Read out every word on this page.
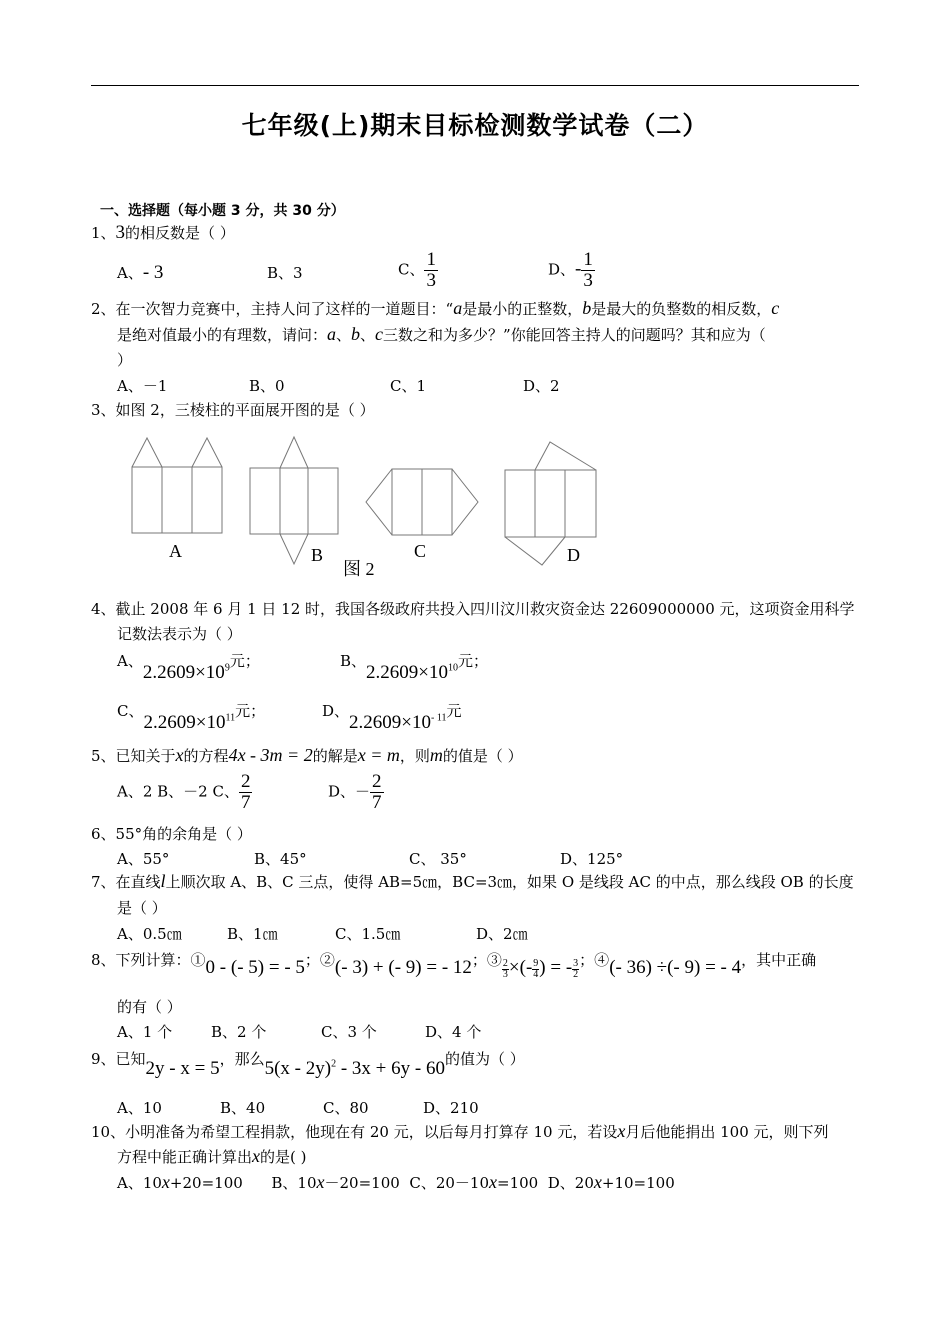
七年级(上)期末目标检测数学试卷（二）
一、选择题（每小题 3 分，共 30 分）
1、3的相反数是（ ）
A、- 3	B、3	C、 $\frac{1}{3}$	D、- $\frac{1}{3}$
2、在一次智力竞赛中，主持人问了这样的一道题目：“a是最小的正整数，b是最大的负整数的相反数，c
是绝对值最小的有理数，请问：a、b、c三数之和为多少？”你能回答主持人的问题吗？其和应为（
）
A、－1	B、0	C、1	D、2
3、如图 2，三棱柱的平面展开图的是（ ）
A	B	C	D
图 2
4、截止 2008 年 6 月 1 日 12 时，我国各级政府共投入四川汶川救灾资金达 22609000000 元，这项资金用科学
记数法表示为（ ）
A、$2.2609\times 10^9$元；	B、$2.2609\times 10^{10}$元；
C、$2.2609\times 10^{11}$元；	D、$2.2609\times 10^{- 11}$元
5、已知关于x的方程4x - 3m = 2的解是x = m，则m的值是（ ）
A、2 B、－2 C、 $\frac{2}{7}$	D、－ $\frac{2}{7}$
6、55°角的余角是（ ）
A、55°	B、45°	C、 35°	D、125°
7、在直线l上顺次取 A、B、C 三点，使得 AB=5㎝，BC=3㎝，如果 O 是线段 AC 的中点，那么线段 OB 的长度
是（ ）
A、0.5㎝	B、1㎝	C、1.5㎝	D、2㎝
8、下列计算：①0 - (- 5) = - 5；②(- 3) + (- 9) = - 12；③ $\frac{2}{3}$ ×(- $\frac{9}{4}$ ) = - $\frac{3}{2}$ ；④(- 36) ÷(- 9) = - 4，其中正确
的有（ ）
A、1 个	B、2 个	C、3 个	D、4 个
9、已知2y - x = 5，那么5(x - 2y)$^2$ - 3x + 6y - 60的值为（ ）
A、10	B、40	C、80	D、210
10、小明准备为希望工程捐款，他现在有 20 元，以后每月打算存 10 元，若设x月后他能捐出 100 元，则下列
方程中能正确计算出x的是( )
A、10x+20=100 B、10x－20=100 C、20－10x=100 D、20x+10=100
